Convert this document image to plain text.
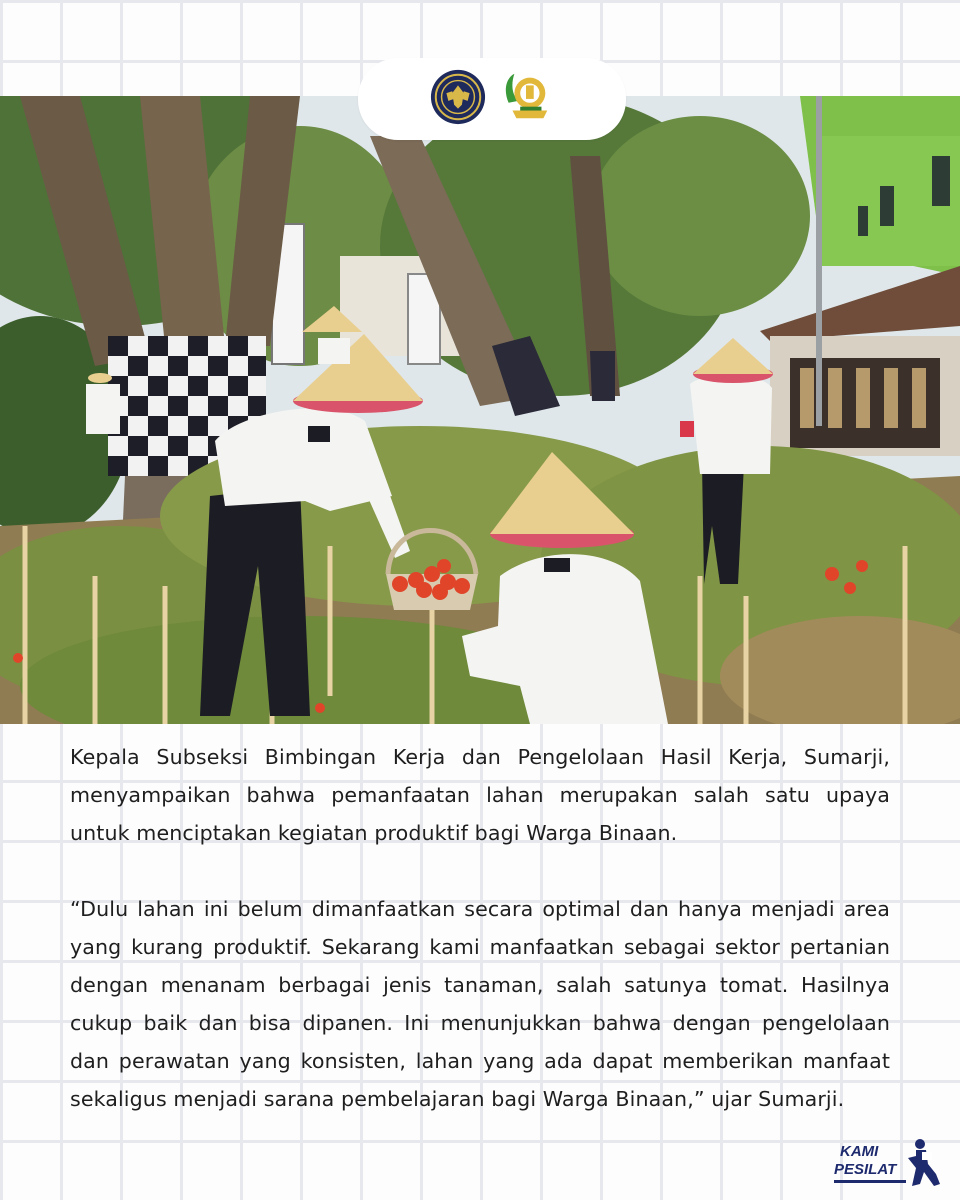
Kepala Subseksi Bimbingan Kerja dan Pengelolaan Hasil Kerja, Sumarji, menyampaikan bahwa pemanfaatan lahan merupakan salah satu upaya untuk menciptakan kegiatan produktif bagi Warga Binaan.

“Dulu lahan ini belum dimanfaatkan secara optimal dan hanya menjadi area yang kurang produktif. Sekarang kami manfaatkan sebagai sektor pertanian dengan menanam berbagai jenis tanaman, salah satunya tomat. Hasilnya cukup baik dan bisa dipanen. Ini menunjukkan bahwa dengan pengelolaan dan perawatan yang konsisten, lahan yang ada dapat memberikan manfaat sekaligus menjadi sarana pembelajaran bagi Warga Binaan,” ujar Sumarji.

KAMI
PESILAT
